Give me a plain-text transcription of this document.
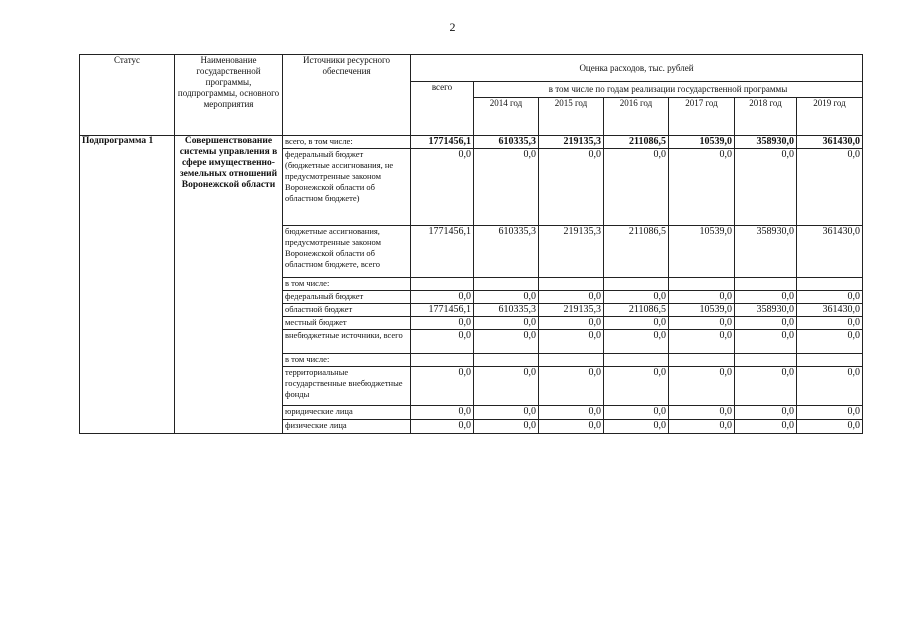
2
Статус	Наименование государственной программы, подпрограммы, основного мероприятия	Источники ресурсного обеспечения	Оценка расходов, тыс. рублей						
			всего	в том числе по годам реализации государственной программы					
				2014 год	2015 год	2016 год	2017 год	2018 год	2019 год
Подпрограмма 1	Совершенствование системы управления в сфере имущественно-земельных отношений Воронежской области	всего, в том числе:	1771456,1	610335,3	219135,3	211086,5	10539,0	358930,0	361430,0
		федеральный бюджет (бюджетные ассигнования, не предусмотренные законом Воронежской области об областном бюджете)	0,0	0,0	0,0	0,0	0,0	0,0	0,0
		бюджетные ассигнования, предусмотренные законом Воронежской области об областном бюджете, всего	1771456,1	610335,3	219135,3	211086,5	10539,0	358930,0	361430,0
		в том числе:							
		федеральный бюджет	0,0	0,0	0,0	0,0	0,0	0,0	0,0
		областной бюджет	1771456,1	610335,3	219135,3	211086,5	10539,0	358930,0	361430,0
		местный бюджет	0,0	0,0	0,0	0,0	0,0	0,0	0,0
		внебюджетные источники, всего	0,0	0,0	0,0	0,0	0,0	0,0	0,0
		в том числе:							
		территориальные государственные внебюджетные фонды	0,0	0,0	0,0	0,0	0,0	0,0	0,0
		юридические лица	0,0	0,0	0,0	0,0	0,0	0,0	0,0
		физические лица	0,0	0,0	0,0	0,0	0,0	0,0	0,0
